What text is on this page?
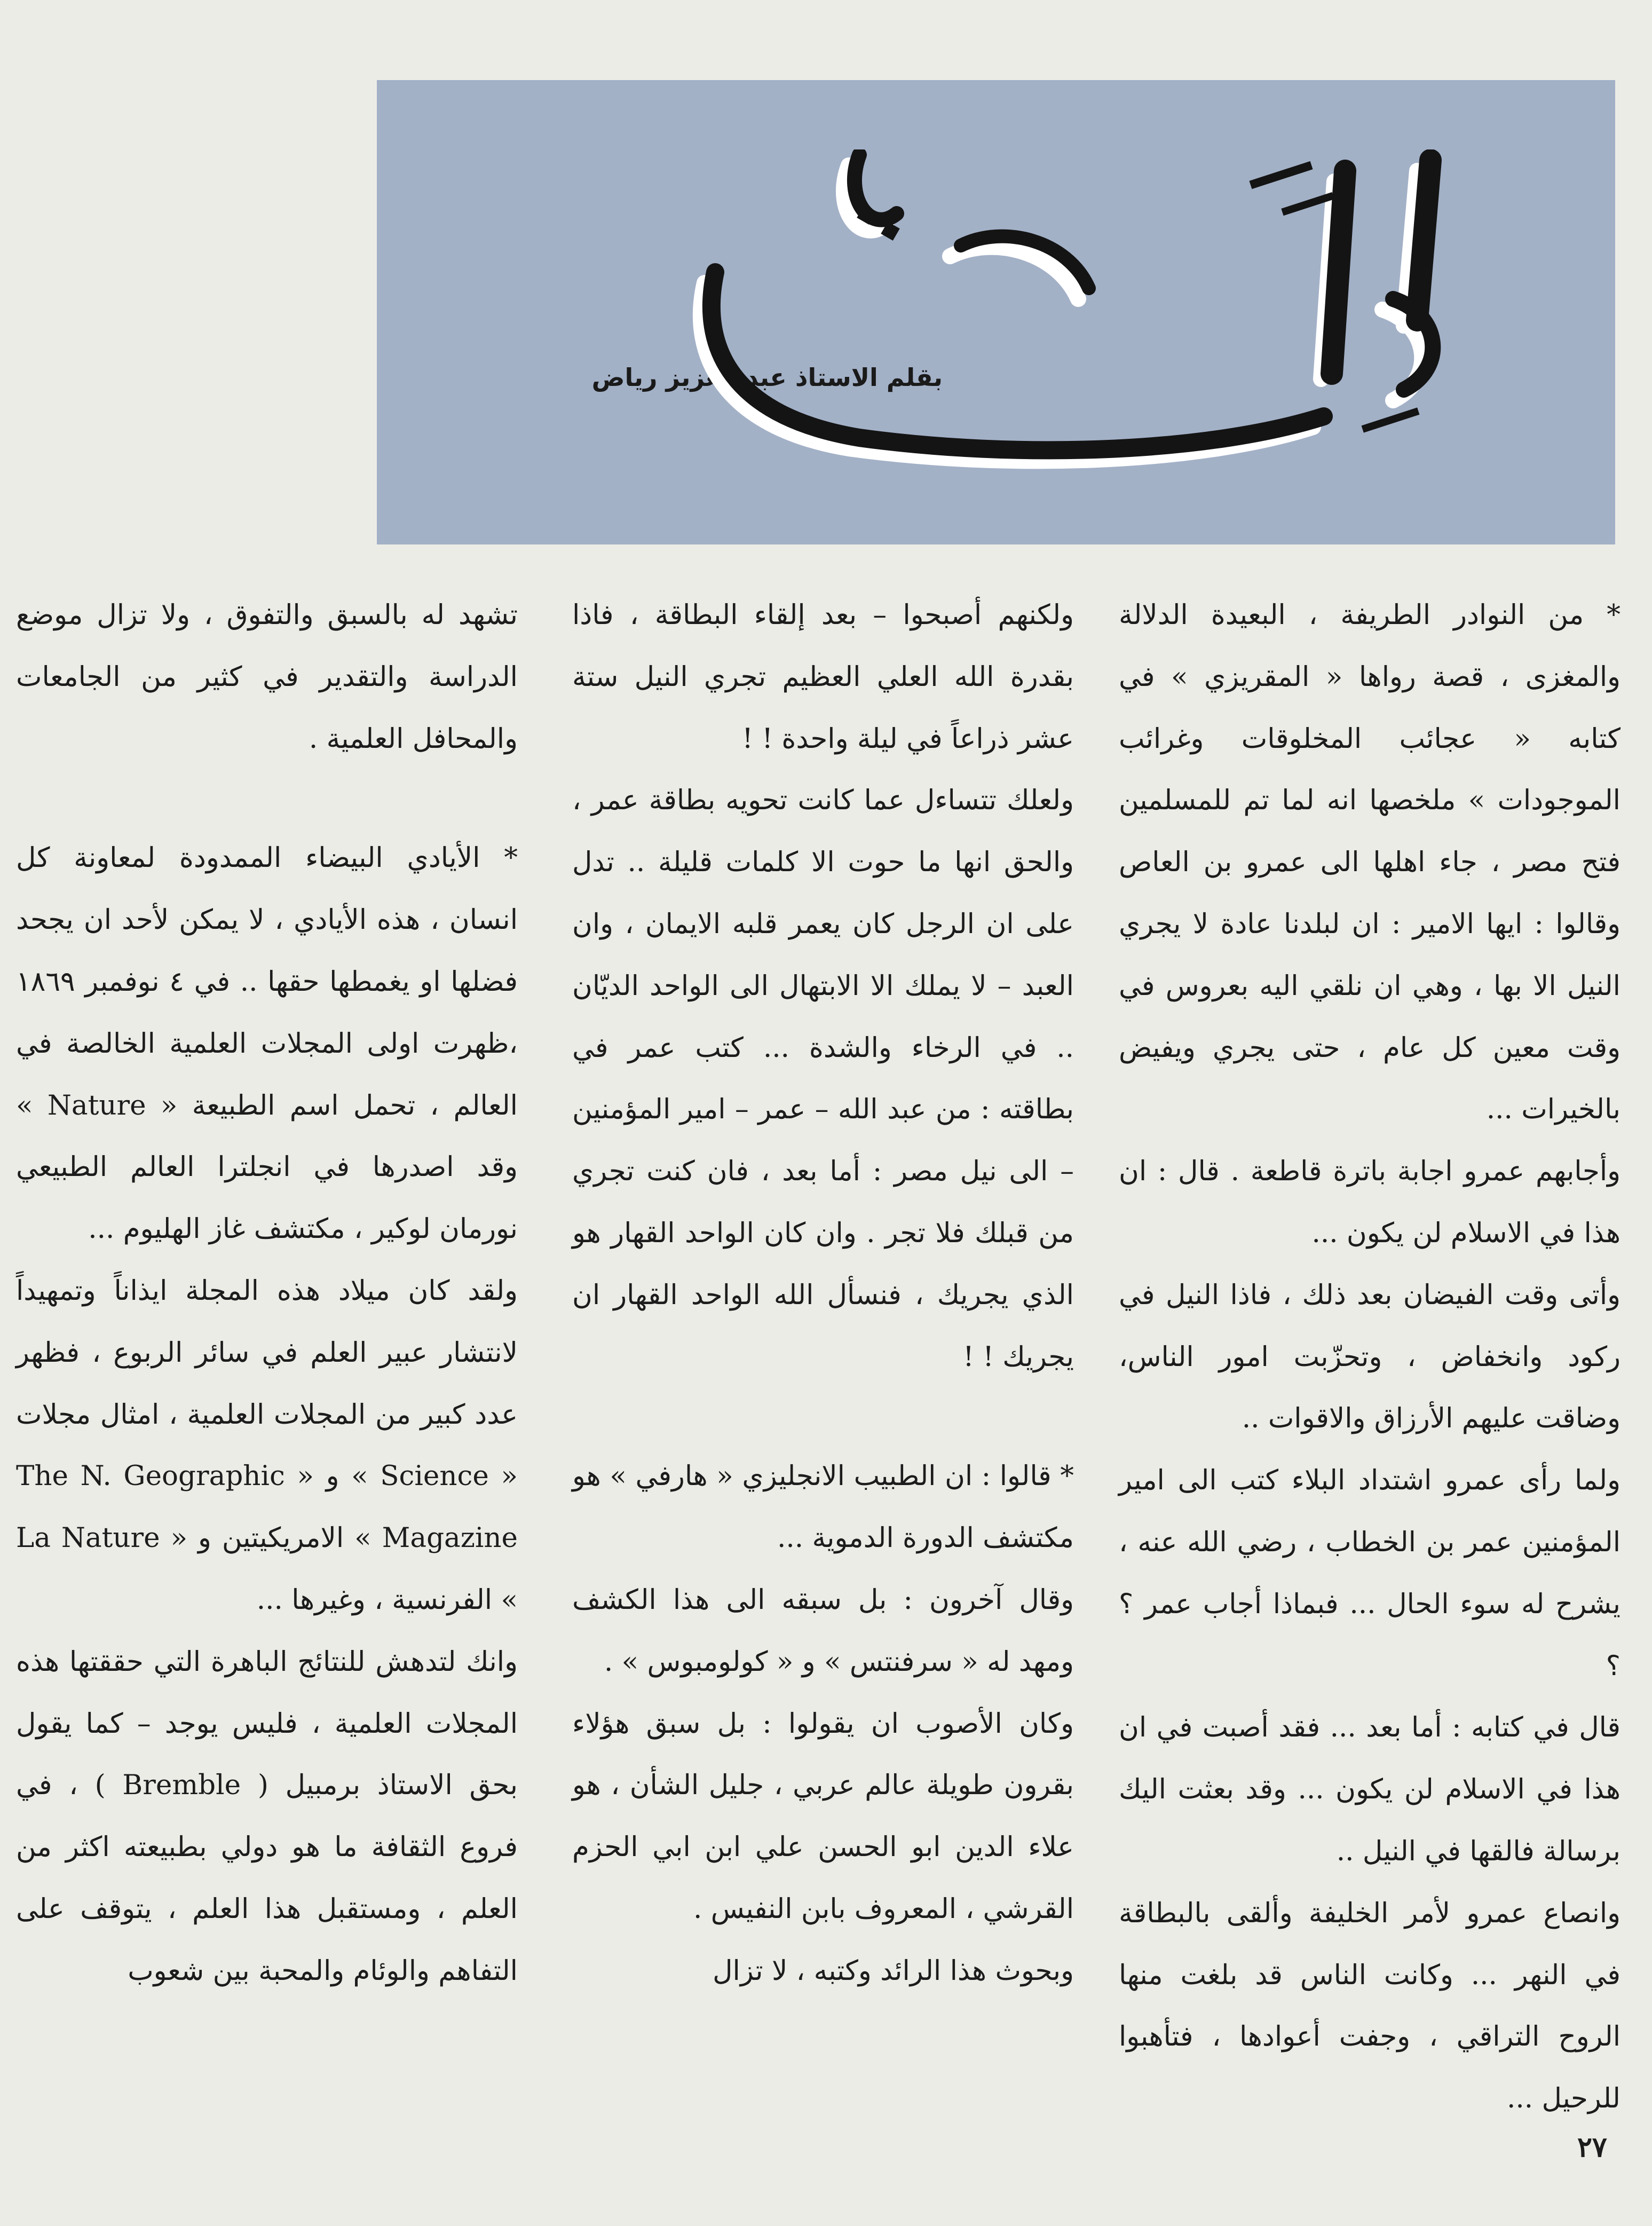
بقلم الاستاذ عبد العزيز رياض

* من النوادر الطريفة ، البعيدة الدلالة والمغزى ، قصة رواها « المقريزي » في كتابه « عجائب المخلوقات وغرائب الموجودات » ملخصها انه لما تم للمسلمين فتح مصر ، جاء اهلها الى عمرو بن العاص وقالوا : ايها الامير : ان لبلدنا عادة لا يجري النيل الا بها ، وهي ان نلقي اليه بعروس في وقت معين كل عام ، حتى يجري ويفيض بالخيرات ...

وأجابهم عمرو اجابة باترة قاطعة . قال : ان هذا في الاسلام لن يكون ...

وأتى وقت الفيضان بعد ذلك ، فاذا النيل في ركود وانخفاض ، وتحزّبت امور الناس، وضاقت عليهم الأرزاق والاقوات ..

ولما رأى عمرو اشتداد البلاء كتب الى امير المؤمنين عمر بن الخطاب ، رضي الله عنه ، يشرح له سوء الحال ... فبماذا أجاب عمر ؟ ؟

قال في كتابه : أما بعد ... فقد أصبت في ان هذا في الاسلام لن يكون ... وقد بعثت اليك برسالة فالقها في النيل ..

وانصاع عمرو لأمر الخليفة وألقى بالبطاقة في النهر ... وكانت الناس قد بلغت منها الروح التراقي ، وجفت أعوادها ، فتأهبوا للرحيل ...

ولكنهم أصبحوا – بعد إلقاء البطاقة ، فاذا بقدرة الله العلي العظيم تجري النيل ستة عشر ذراعاً في ليلة واحدة ! !

ولعلك تتساءل عما كانت تحويه بطاقة عمر ، والحق انها ما حوت الا كلمات قليلة .. تدل على ان الرجل كان يعمر قلبه الايمان ، وان العبد – لا يملك الا الابتهال الى الواحد الديّان .. في الرخاء والشدة ... كتب عمر في بطاقته : من عبد الله – عمر – امير المؤمنين – الى نيل مصر : أما بعد ، فان كنت تجري من قبلك فلا تجر . وان كان الواحد القهار هو الذي يجريك ، فنسأل الله الواحد القهار ان يجريك ! !

* قالوا : ان الطبيب الانجليزي « هارفي » هو مكتشف الدورة الدموية ...

وقال آخرون : بل سبقه الى هذا الكشف ومهد له « سرفنتس » و « كولومبوس » .

وكان الأصوب ان يقولوا : بل سبق هؤلاء بقرون طويلة عالم عربي ، جليل الشأن ، هو علاء الدين ابو الحسن علي ابن ابي الحزم القرشي ، المعروف بابن النفيس .

وبحوث هذا الرائد وكتبه ، لا تزال

تشهد له بالسبق والتفوق ، ولا تزال موضع الدراسة والتقدير في كثير من الجامعات والمحافل العلمية .

* الأيادي البيضاء الممدودة لمعاونة كل انسان ، هذه الأيادي ، لا يمكن لأحد ان يجحد فضلها او يغمطها حقها .. في ٤ نوفمبر ١٨٦٩ ،ظهرت اولى المجلات العلمية الخالصة في العالم ، تحمل اسم الطبيعة « Nature » وقد اصدرها في انجلترا العالم الطبيعي نورمان لوكير ، مكتشف غاز الهليوم ...

ولقد كان ميلاد هذه المجلة ايذاناً وتمهيداً لانتشار عبير العلم في سائر الربوع ، فظهر عدد كبير من المجلات العلمية ، امثال مجلات « Science » و « The N. Geographic Magazine » الامريكيتين و « La Nature » الفرنسية ، وغيرها ...

وانك لتدهش للنتائج الباهرة التي حققتها هذه المجلات العلمية ، فليس يوجد – كما يقول بحق الاستاذ برمبيل ( Bremble ) ، في فروع الثقافة ما هو دولي بطبيعته اكثر من العلم ، ومستقبل هذا العلم ، يتوقف على التفاهم والوئام والمحبة بين شعوب

٢٧
